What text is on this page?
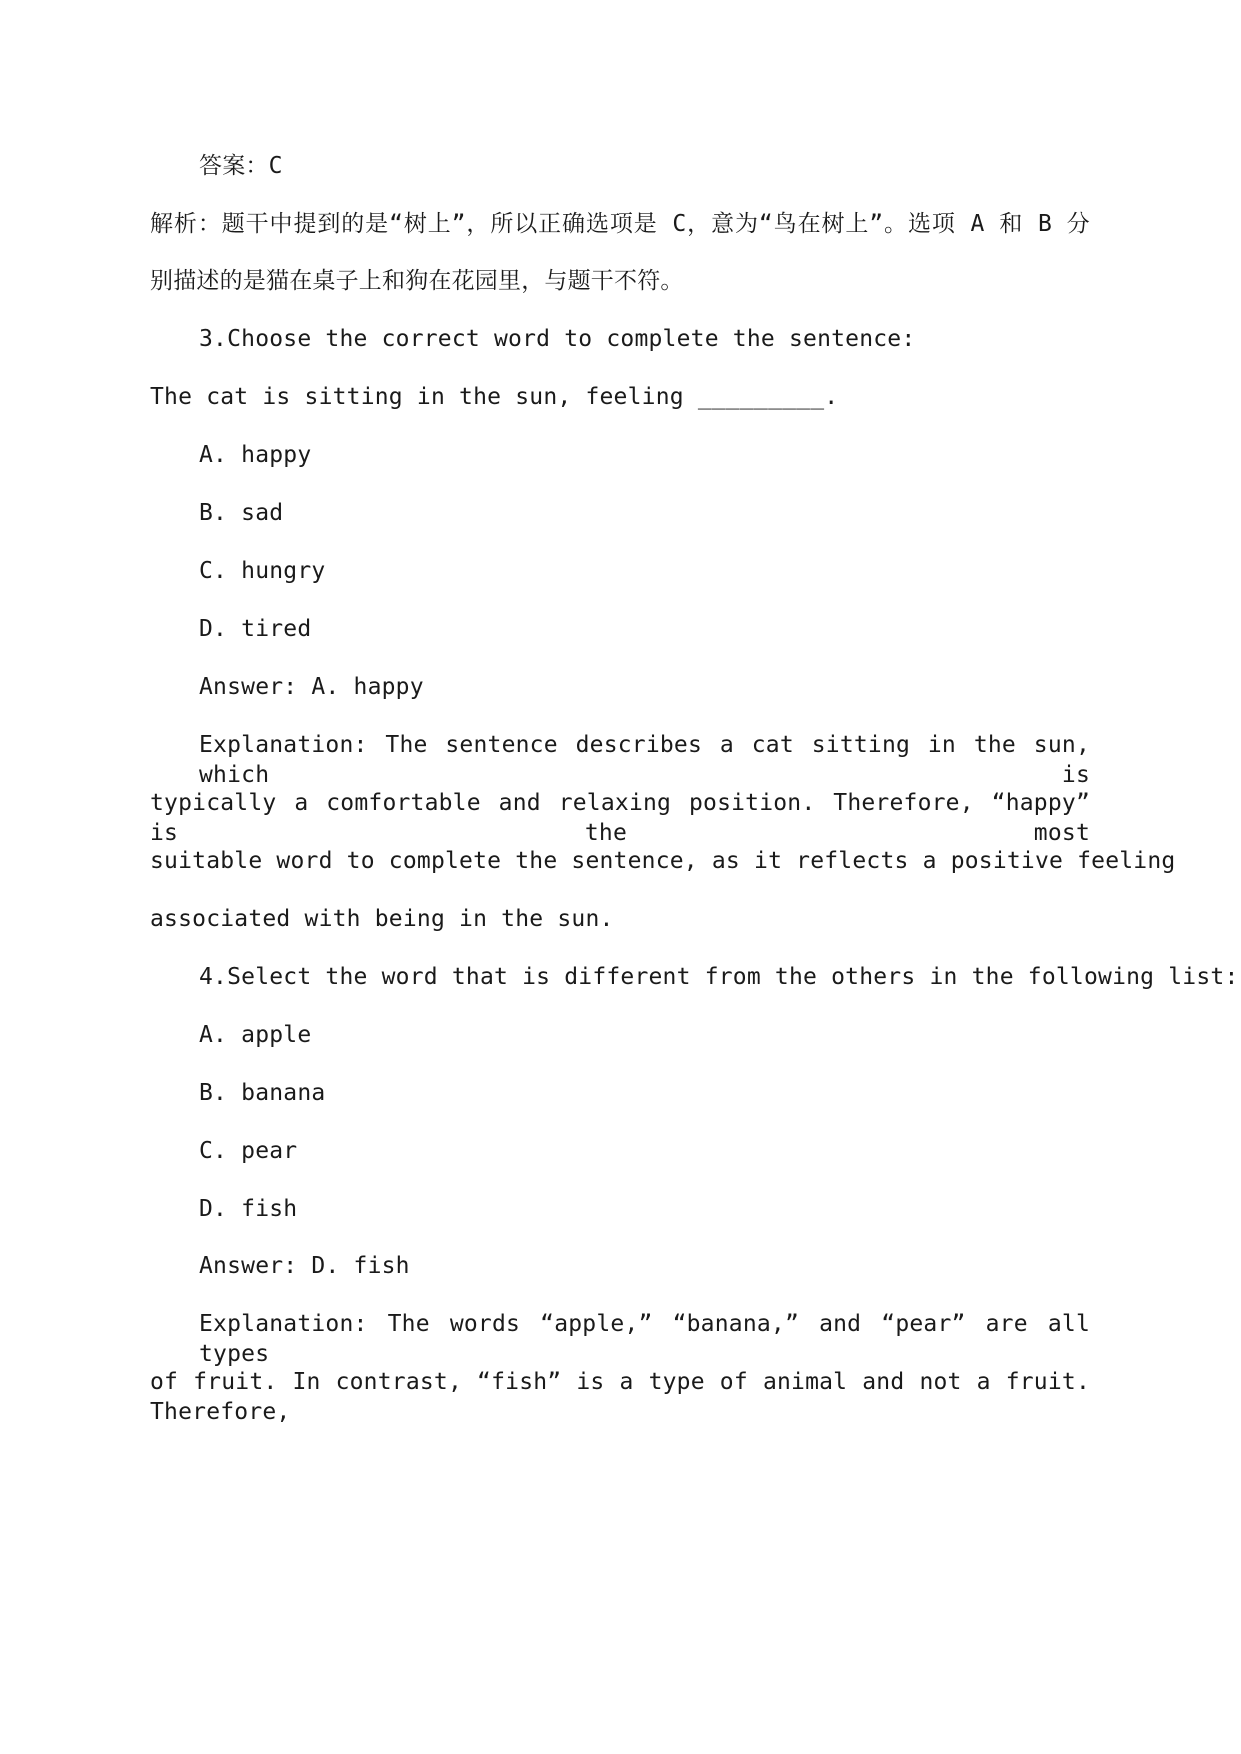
答案：C
解析：题干中提到的是“树上”，所以正确选项是 C，意为“鸟在树上”。选项 A 和 B 分
别描述的是猫在桌子上和狗在花园里，与题干不符。
3.Choose the correct word to complete the sentence:
The cat is sitting in the sun, feeling _________.
A. happy
B. sad
C. hungry
D. tired
Answer: A. happy
Explanation: The sentence describes a cat sitting in the sun, which is
typically a comfortable and relaxing position. Therefore, “happy” is the most
suitable word to complete the sentence, as it reflects a positive feeling
associated with being in the sun.
4.Select the word that is different from the others in the following list:
A. apple
B. banana
C. pear
D. fish
Answer: D. fish
Explanation: The words “apple,” “banana,” and “pear” are all types
of fruit. In contrast, “fish” is a type of animal and not a fruit. Therefore,
